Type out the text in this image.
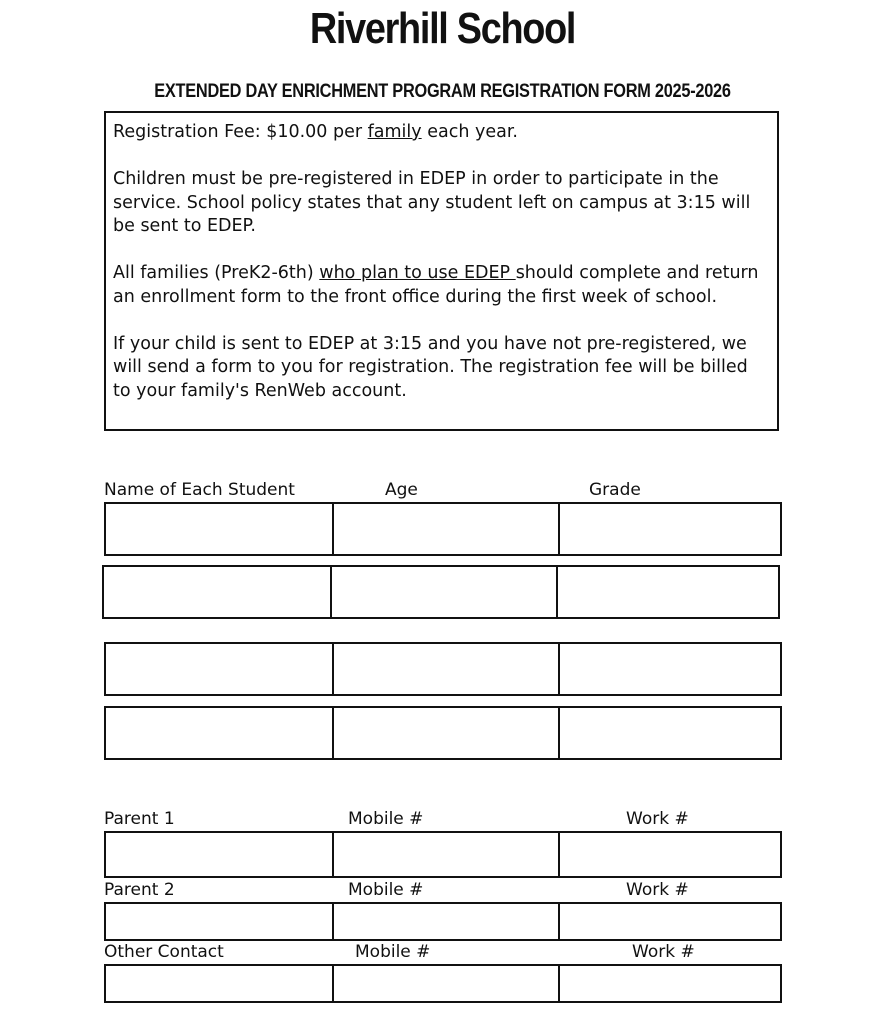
Riverhill School
EXTENDED DAY ENRICHMENT PROGRAM REGISTRATION FORM 2025-2026

Registration Fee: $10.00 per family each year.

Children must be pre-registered in EDEP in order to participate in the service. School policy states that any student left on campus at 3:15 will be sent to EDEP.

All families (PreK2-6th) who plan to use EDEP should complete and return an enrollment form to the front office during the first week of school.

If your child is sent to EDEP at 3:15 and you have not pre-registered, we will send a form to you for registration. The registration fee will be billed to your family's RenWeb account.

Name of Each Student	Age	Grade
Parent 1	Mobile #	Work #
Parent 2	Mobile #	Work #
Other Contact	Mobile #	Work #
